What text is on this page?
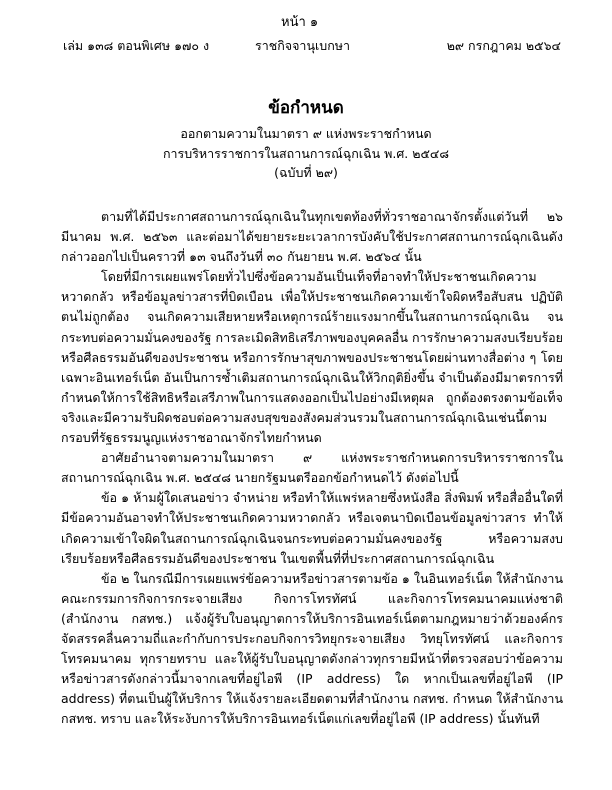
หน้า ๑
เล่ม ๑๓๘ ตอนพิเศษ ๑๗๐ ง	ราชกิจจานุเบกษา	๒๙ กรกฎาคม ๒๕๖๔
ข้อกำหนด
ออกตามความในมาตรา ๙ แห่งพระราชกำหนด
การบริหารราชการในสถานการณ์ฉุกเฉิน พ.ศ. ๒๕๔๘
(ฉบับที่ ๒๙)

ตามที่ได้มีประกาศสถานการณ์ฉุกเฉินในทุกเขตท้องที่ทั่วราชอาณาจักรตั้งแต่วันที่ ๒๖ มีนาคม พ.ศ. ๒๕๖๓ และต่อมาได้ขยายระยะเวลาการบังคับใช้ประกาศสถานการณ์ฉุกเฉินดังกล่าวออกไปเป็นคราวที่ ๑๓ จนถึงวันที่ ๓๐ กันยายน พ.ศ. ๒๕๖๔ นั้น

โดยที่มีการเผยแพร่โดยทั่วไปซึ่งข้อความอันเป็นเท็จที่อาจทำให้ประชาชนเกิดความหวาดกลัว หรือข้อมูลข่าวสารที่บิดเบือน เพื่อให้ประชาชนเกิดความเข้าใจผิดหรือสับสน ปฏิบัติตนไม่ถูกต้อง จนเกิดความเสียหายหรือเหตุการณ์ร้ายแรงมากขึ้นในสถานการณ์ฉุกเฉิน จนกระทบต่อความมั่นคงของรัฐ การละเมิดสิทธิเสรีภาพของบุคคลอื่น การรักษาความสงบเรียบร้อยหรือศีลธรรมอันดีของประชาชน หรือการรักษาสุขภาพของประชาชนโดยผ่านทางสื่อต่าง ๆ โดยเฉพาะอินเทอร์เน็ต อันเป็นการซ้ำเติมสถานการณ์ฉุกเฉินให้วิกฤติยิ่งขึ้น จำเป็นต้องมีมาตรการที่กำหนดให้การใช้สิทธิหรือเสรีภาพในการแสดงออกเป็นไปอย่างมีเหตุผล ถูกต้องตรงตามข้อเท็จจริงและมีความรับผิดชอบต่อความสงบสุขของสังคมส่วนรวมในสถานการณ์ฉุกเฉินเช่นนี้ตามกรอบที่รัฐธรรมนูญแห่งราชอาณาจักรไทยกำหนด

อาศัยอำนาจตามความในมาตรา ๙ แห่งพระราชกำหนดการบริหารราชการในสถานการณ์ฉุกเฉิน พ.ศ. ๒๕๔๘ นายกรัฐมนตรีออกข้อกำหนดไว้ ดังต่อไปนี้

ข้อ ๑ ห้ามผู้ใดเสนอข่าว จำหน่าย หรือทำให้แพร่หลายซึ่งหนังสือ สิ่งพิมพ์ หรือสื่ออื่นใดที่มีข้อความอันอาจทำให้ประชาชนเกิดความหวาดกลัว หรือเจตนาบิดเบือนข้อมูลข่าวสาร ทำให้เกิดความเข้าใจผิดในสถานการณ์ฉุกเฉินจนกระทบต่อความมั่นคงของรัฐ หรือความสงบเรียบร้อยหรือศีลธรรมอันดีของประชาชน ในเขตพื้นที่ที่ประกาศสถานการณ์ฉุกเฉิน

ข้อ ๒ ในกรณีมีการเผยแพร่ข้อความหรือข่าวสารตามข้อ ๑ ในอินเทอร์เน็ต ให้สำนักงานคณะกรรมการกิจการกระจายเสียง กิจการโทรทัศน์ และกิจการโทรคมนาคมแห่งชาติ (สำนักงาน กสทช.) แจ้งผู้รับใบอนุญาตการให้บริการอินเทอร์เน็ตตามกฎหมายว่าด้วยองค์กรจัดสรรคลื่นความถี่และกำกับการประกอบกิจการวิทยุกระจายเสียง วิทยุโทรทัศน์ และกิจการโทรคมนาคม ทุกรายทราบ และให้ผู้รับใบอนุญาตดังกล่าวทุกรายมีหน้าที่ตรวจสอบว่าข้อความหรือข่าวสารดังกล่าวนี้มาจากเลขที่อยู่ไอพี (IP address) ใด หากเป็นเลขที่อยู่ไอพี (IP address) ที่ตนเป็นผู้ให้บริการ ให้แจ้งรายละเอียดตามที่สำนักงาน กสทช. กำหนด ให้สำนักงาน กสทช. ทราบ และให้ระงับการให้บริการอินเทอร์เน็ตแก่เลขที่อยู่ไอพี (IP address) นั้นทันที
